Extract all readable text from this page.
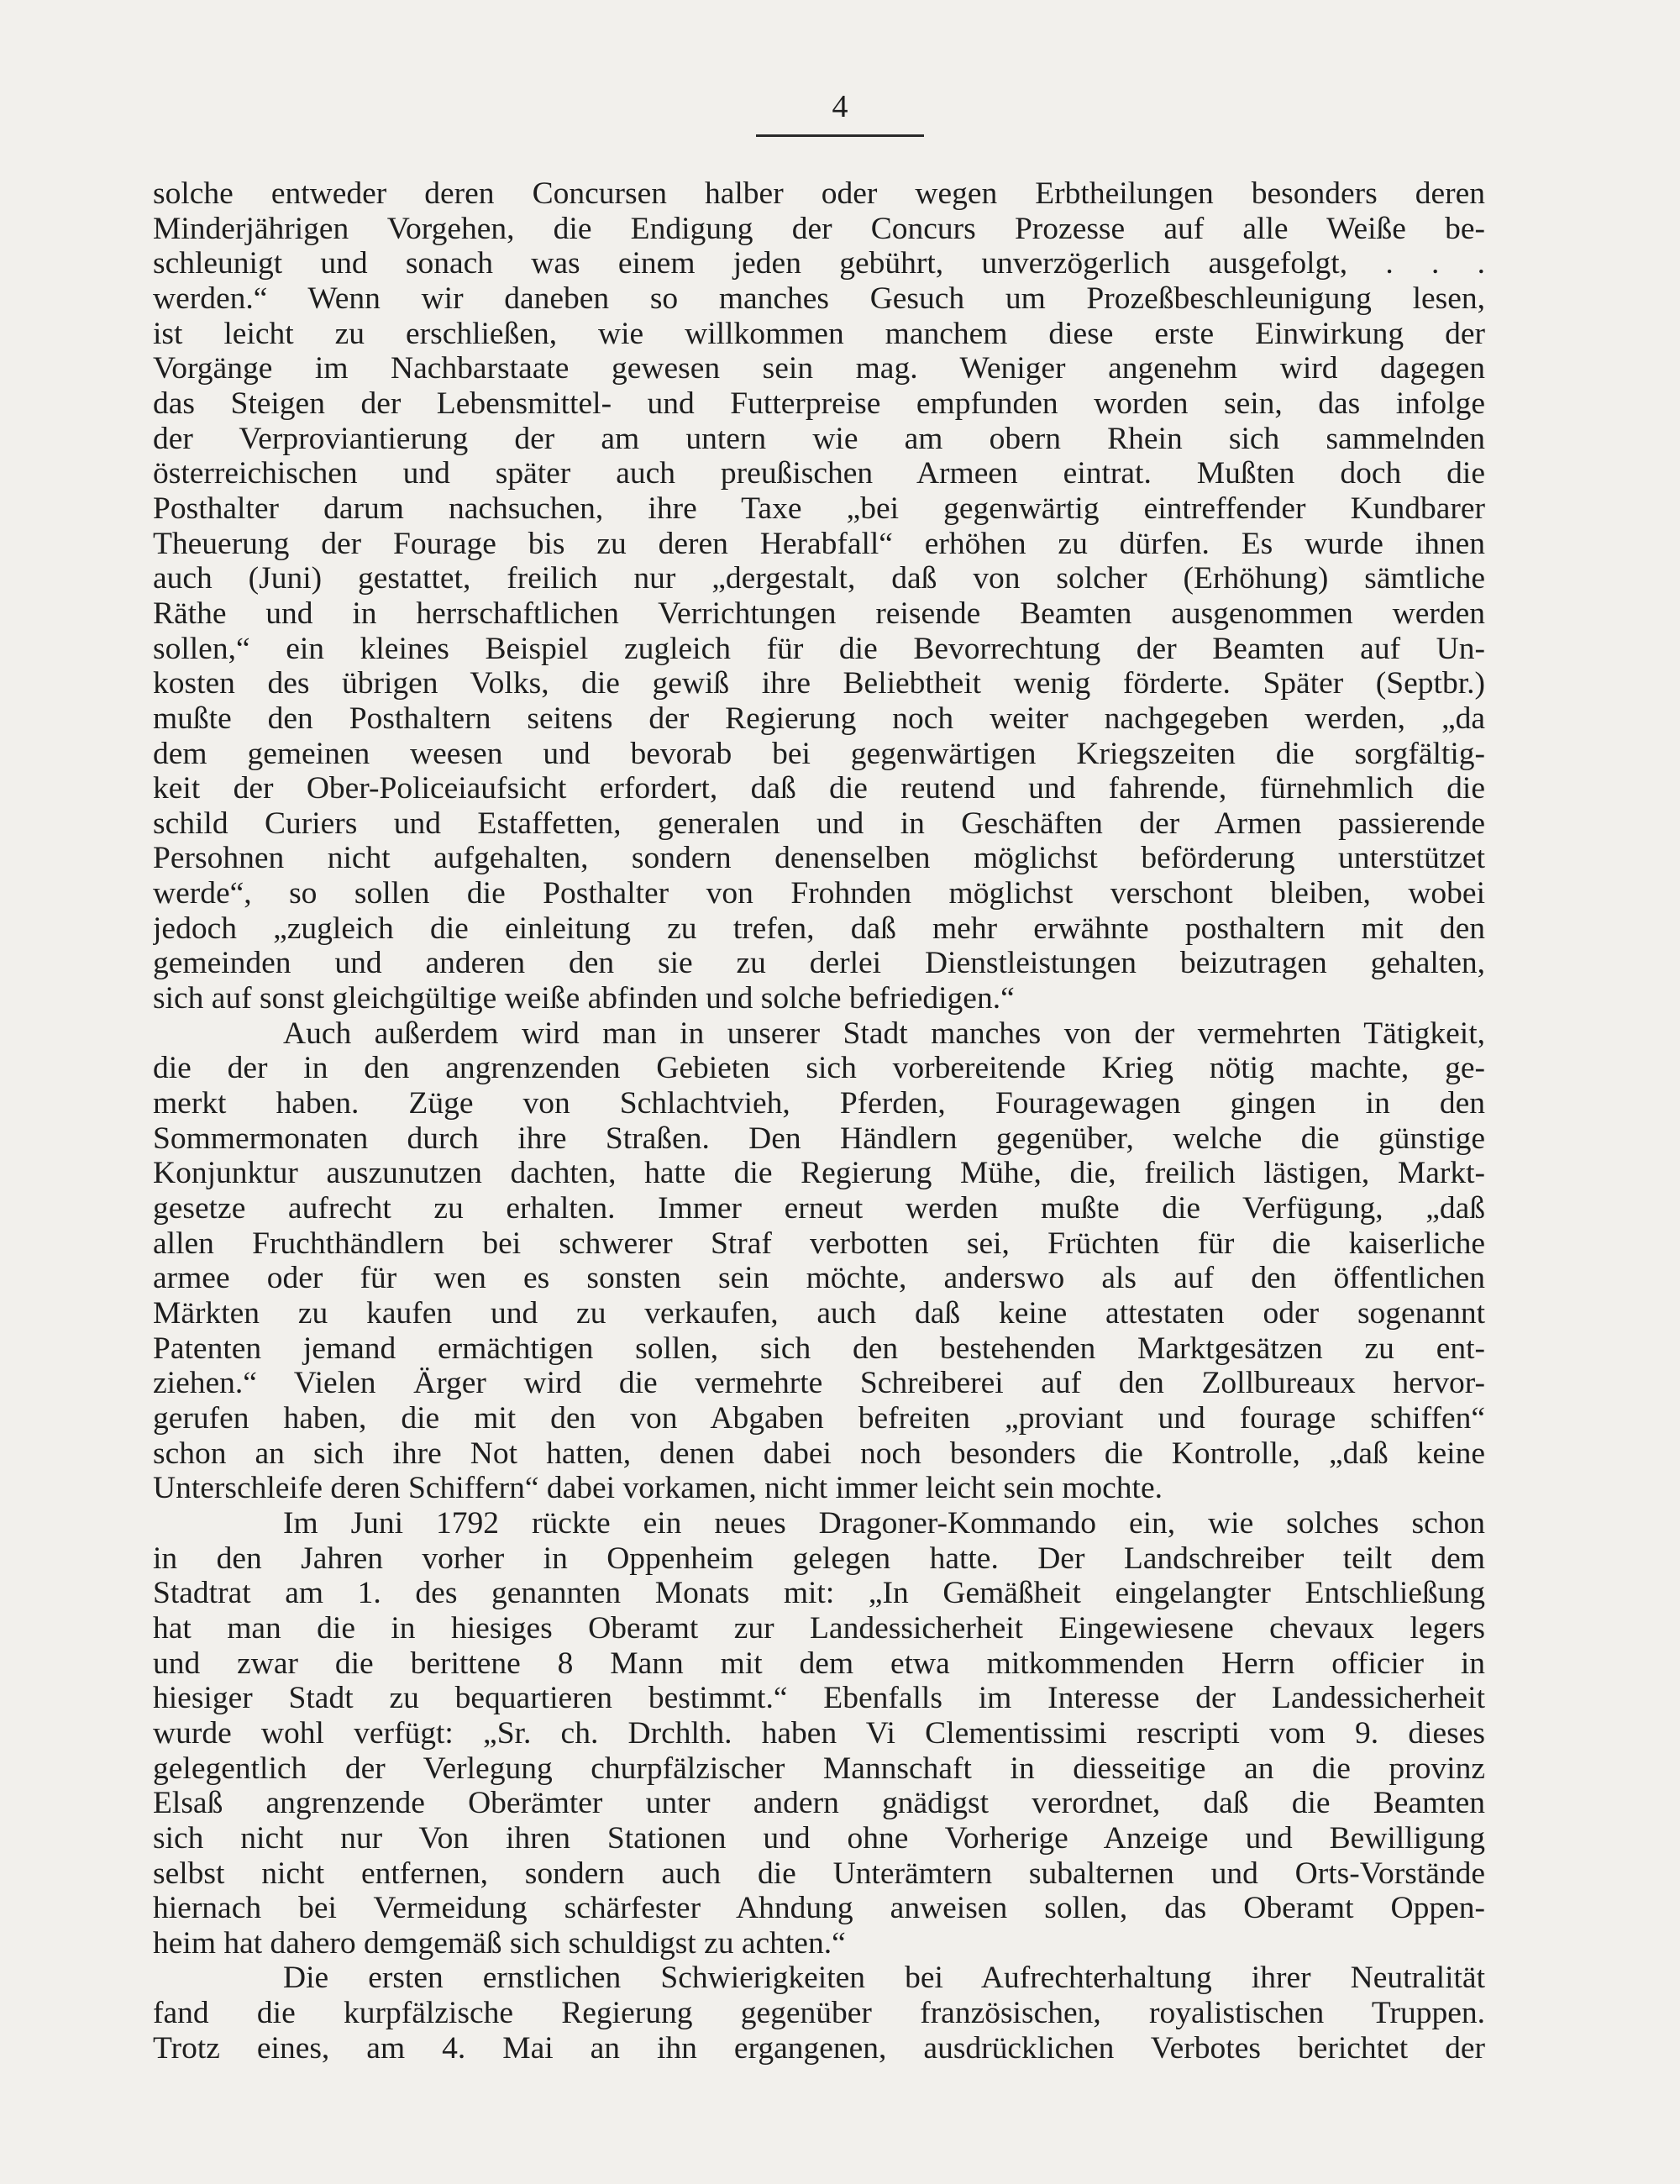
4
solche entweder deren Concursen halber oder wegen Erbtheilungen besonders deren
Minderjährigen Vorgehen, die Endigung der Concurs Prozesse auf alle Weiße be-
schleunigt und sonach was einem jeden gebührt, unverzögerlich ausgefolgt, . . .
werden.“ Wenn wir daneben so manches Gesuch um Prozeßbeschleunigung lesen,
ist leicht zu erschließen, wie willkommen manchem diese erste Einwirkung der
Vorgänge im Nachbarstaate gewesen sein mag. Weniger angenehm wird dagegen
das Steigen der Lebensmittel- und Futterpreise empfunden worden sein, das infolge
der Verproviantierung der am untern wie am obern Rhein sich sammelnden
österreichischen und später auch preußischen Armeen eintrat. Mußten doch die
Posthalter darum nachsuchen, ihre Taxe „bei gegenwärtig eintreffender Kundbarer
Theuerung der Fourage bis zu deren Herabfall“ erhöhen zu dürfen. Es wurde ihnen
auch (Juni) gestattet, freilich nur „dergestalt, daß von solcher (Erhöhung) sämtliche
Räthe und in herrschaftlichen Verrichtungen reisende Beamten ausgenommen werden
sollen,“ ein kleines Beispiel zugleich für die Bevorrechtung der Beamten auf Un-
kosten des übrigen Volks, die gewiß ihre Beliebtheit wenig förderte. Später (Septbr.)
mußte den Posthaltern seitens der Regierung noch weiter nachgegeben werden, „da
dem gemeinen weesen und bevorab bei gegenwärtigen Kriegszeiten die sorgfältig-
keit der Ober-Policeiaufsicht erfordert, daß die reutend und fahrende, fürnehmlich die
schild Curiers und Estaffetten, generalen und in Geschäften der Armen passierende
Persohnen nicht aufgehalten, sondern denenselben möglichst beförderung unterstützet
werde“, so sollen die Posthalter von Frohnden möglichst verschont bleiben, wobei
jedoch „zugleich die einleitung zu trefen, daß mehr erwähnte posthaltern mit den
gemeinden und anderen den sie zu derlei Dienstleistungen beizutragen gehalten,
sich auf sonst gleichgültige weiße abfinden und solche befriedigen.“
Auch außerdem wird man in unserer Stadt manches von der vermehrten Tätigkeit,
die der in den angrenzenden Gebieten sich vorbereitende Krieg nötig machte, ge-
merkt haben. Züge von Schlachtvieh, Pferden, Fouragewagen gingen in den
Sommermonaten durch ihre Straßen. Den Händlern gegenüber, welche die günstige
Konjunktur auszunutzen dachten, hatte die Regierung Mühe, die, freilich lästigen, Markt-
gesetze aufrecht zu erhalten. Immer erneut werden mußte die Verfügung, „daß
allen Fruchthändlern bei schwerer Straf verbotten sei, Früchten für die kaiserliche
armee oder für wen es sonsten sein möchte, anderswo als auf den öffentlichen
Märkten zu kaufen und zu verkaufen, auch daß keine attestaten oder sogenannt
Patenten jemand ermächtigen sollen, sich den bestehenden Marktgesätzen zu ent-
ziehen.“ Vielen Ärger wird die vermehrte Schreiberei auf den Zollbureaux hervor-
gerufen haben, die mit den von Abgaben befreiten „proviant und fourage schiffen“
schon an sich ihre Not hatten, denen dabei noch besonders die Kontrolle, „daß keine
Unterschleife deren Schiffern“ dabei vorkamen, nicht immer leicht sein mochte.
Im Juni 1792 rückte ein neues Dragoner-Kommando ein, wie solches schon
in den Jahren vorher in Oppenheim gelegen hatte. Der Landschreiber teilt dem
Stadtrat am 1. des genannten Monats mit: „In Gemäßheit eingelangter Entschließung
hat man die in hiesiges Oberamt zur Landessicherheit Eingewiesene chevaux legers
und zwar die berittene 8 Mann mit dem etwa mitkommenden Herrn officier in
hiesiger Stadt zu bequartieren bestimmt.“ Ebenfalls im Interesse der Landessicherheit
wurde wohl verfügt: „Sr. ch. Drchlth. haben Vi Clementissimi rescripti vom 9. dieses
gelegentlich der Verlegung churpfälzischer Mannschaft in diesseitige an die provinz
Elsaß angrenzende Oberämter unter andern gnädigst verordnet, daß die Beamten
sich nicht nur Von ihren Stationen und ohne Vorherige Anzeige und Bewilligung
selbst nicht entfernen, sondern auch die Unterämtern subalternen und Orts-Vorstände
hiernach bei Vermeidung schärfester Ahndung anweisen sollen, das Oberamt Oppen-
heim hat dahero demgemäß sich schuldigst zu achten.“
Die ersten ernstlichen Schwierigkeiten bei Aufrechterhaltung ihrer Neutralität
fand die kurpfälzische Regierung gegenüber französischen, royalistischen Truppen.
Trotz eines, am 4. Mai an ihn ergangenen, ausdrücklichen Verbotes berichtet der
